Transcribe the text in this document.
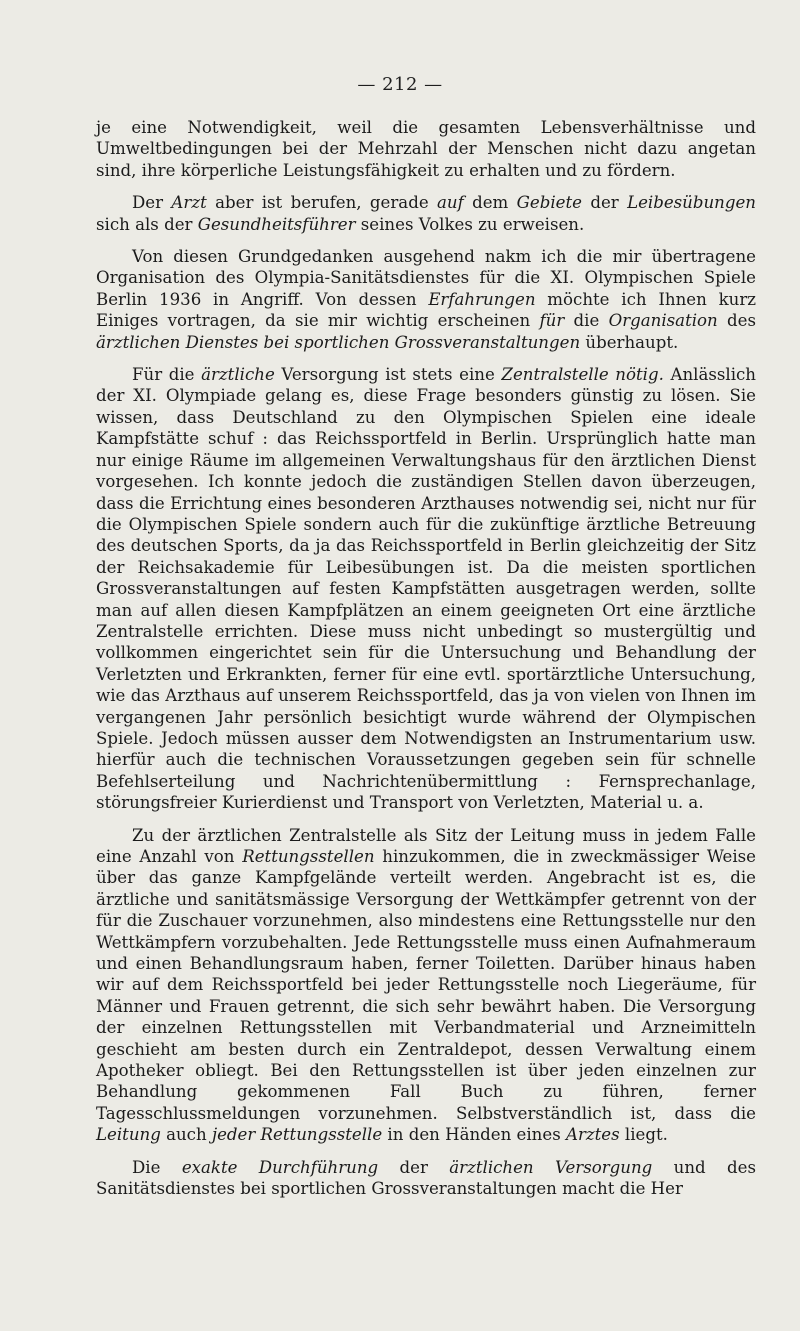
— 212 —

je eine Notwendigkeit, weil die gesamten Lebensverhältnisse und Umweltbedingungen bei der Mehrzahl der Menschen nicht dazu angetan sind, ihre körperliche Leistungsfähigkeit zu erhalten und zu fördern.

Der Arzt aber ist berufen, gerade auf dem Gebiete der Leibesübungen sich als der Gesundheitsführer seines Volkes zu erweisen.

Von diesen Grundgedanken ausgehend nakm ich die mir übertragene Organisation des Olympia-Sanitätsdienstes für die XI. Olympischen Spiele Berlin 1936 in Angriff. Von dessen Erfahrungen möchte ich Ihnen kurz Einiges vortragen, da sie mir wichtig erscheinen für die Organisation des ärztlichen Dienstes bei sportlichen Grossveranstaltungen überhaupt.

Für die ärztliche Versorgung ist stets eine Zentralstelle nötig. Anlässlich der XI. Olympiade gelang es, diese Frage besonders günstig zu lösen. Sie wissen, dass Deutschland zu den Olympischen Spielen eine ideale Kampfstätte schuf : das Reichssportfeld in Berlin. Ursprünglich hatte man nur einige Räume im allgemeinen Verwaltungshaus für den ärztlichen Dienst vorgesehen. Ich konnte jedoch die zuständigen Stellen davon überzeugen, dass die Errichtung eines besonderen Arzthauses notwendig sei, nicht nur für die Olympischen Spiele sondern auch für die zukünftige ärztliche Betreuung des deutschen Sports, da ja das Reichssportfeld in Berlin gleichzeitig der Sitz der Reichsakademie für Leibesübungen ist. Da die meisten sportlichen Grossveranstaltungen auf festen Kampfstätten ausgetragen werden, sollte man auf allen diesen Kampfplätzen an einem geeigneten Ort eine ärztliche Zentralstelle errichten. Diese muss nicht unbedingt so mustergültig und vollkommen eingerichtet sein für die Untersuchung und Behandlung der Verletzten und Erkrankten, ferner für eine evtl. sportärztliche Untersuchung, wie das Arzthaus auf unserem Reichssportfeld, das ja von vielen von Ihnen im vergangenen Jahr persönlich besichtigt wurde während der Olympischen Spiele. Jedoch müssen ausser dem Notwendigsten an Instrumentarium usw. hierfür auch die technischen Voraussetzungen gegeben sein für schnelle Befehlserteilung und Nachrichtenübermittlung : Fernsprechanlage, störungsfreier Kurierdienst und Transport von Verletzten, Material u. a.

Zu der ärztlichen Zentralstelle als Sitz der Leitung muss in jedem Falle eine Anzahl von Rettungsstellen hinzukommen, die in zweckmässiger Weise über das ganze Kampfgelände verteilt werden. Angebracht ist es, die ärztliche und sanitätsmässige Versorgung der Wettkämpfer getrennt von der für die Zuschauer vorzunehmen, also mindestens eine Rettungsstelle nur den Wettkämpfern vorzubehalten. Jede Rettungsstelle muss einen Aufnahmeraum und einen Behandlungsraum haben, ferner Toiletten. Darüber hinaus haben wir auf dem Reichssportfeld bei jeder Rettungsstelle noch Liegeräume, für Männer und Frauen getrennt, die sich sehr bewährt haben. Die Versorgung der einzelnen Rettungsstellen mit Verbandmaterial und Arzneimitteln geschieht am besten durch ein Zentraldepot, dessen Verwaltung einem Apotheker obliegt. Bei den Rettungsstellen ist über jeden einzelnen zur Behandlung gekommenen Fall Buch zu führen, ferner Tagesschlussmeldungen vorzunehmen. Selbstverständlich ist, dass die Leitung auch jeder Rettungsstelle in den Händen eines Arztes liegt.

Die exakte Durchführung der ärztlichen Versorgung und des Sanitätsdienstes bei sportlichen Grossveranstaltungen macht die Her
